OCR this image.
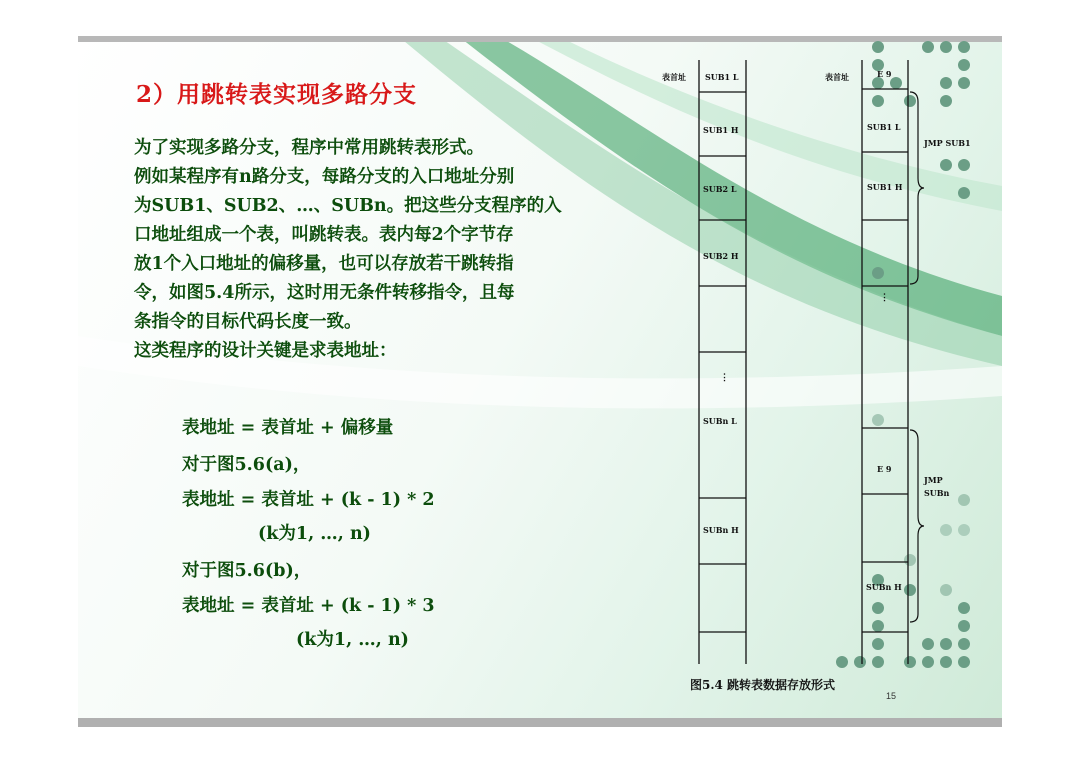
2）用跳转表实现多路分支
为了实现多路分支，程序中常用跳转表形式。
例如某程序有n路分支，每路分支的入口地址分别
为SUB1、SUB2、…、SUBn。把这些分支程序的入
口地址组成一个表，叫跳转表。表内每2个字节存
放1个入口地址的偏移量，也可以存放若干跳转指
令，如图5.4所示，这时用无条件转移指令，且每
条指令的目标代码长度一致。
这类程序的设计关键是求表地址：
表地址 = 表首址 + 偏移量
对于图5.6(a)，
表地址 = 表首址 + (k - 1) * 2
(k为1, …, n)
对于图5.6(b)，
表地址 = 表首址 + (k - 1) * 3
(k为1, …, n)
表首址 SUB1 L
SUB1 H
SUB2 L
SUB2 H
⋮
SUBn L
SUBn H
表首址	E 9
SUB1 L
SUB1 H
⋮
E 9
SUBn H
JMP SUB1
JMP
SUBn
图5.4 跳转表数据存放形式
15
